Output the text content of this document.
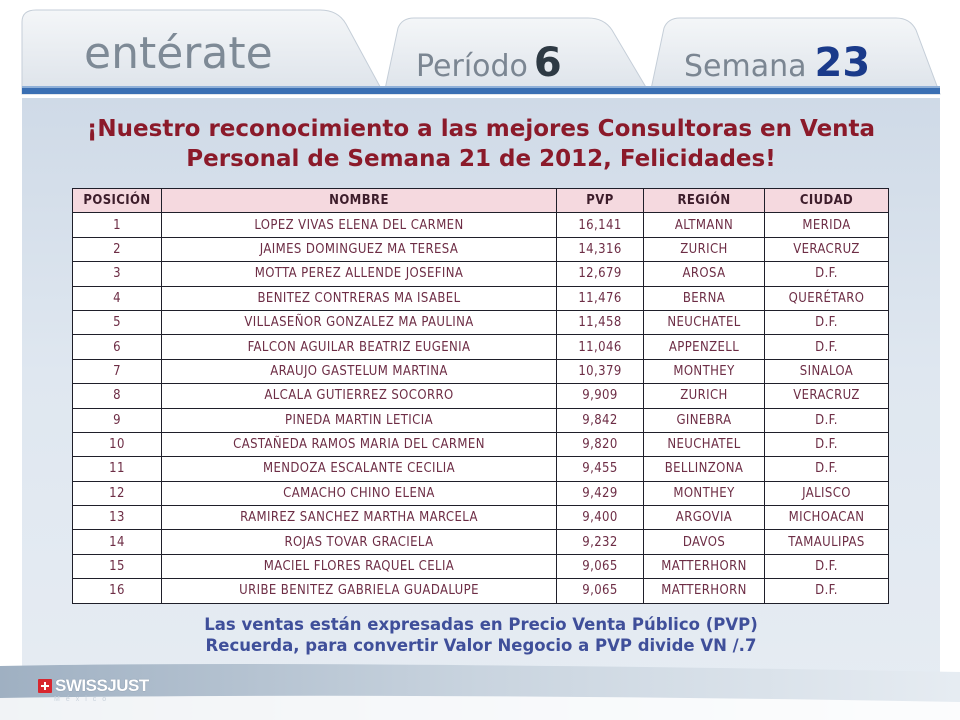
entérate	Período 6	Semana 23
¡Nuestro reconocimiento a las mejores Consultoras en Venta
Personal de Semana 21 de 2012, Felicidades!
POSICIÓN	NOMBRE	PVP	REGIÓN	CIUDAD
1	LOPEZ VIVAS ELENA DEL CARMEN	16,141	ALTMANN	MERIDA
2	JAIMES DOMINGUEZ MA TERESA	14,316	ZURICH	VERACRUZ
3	MOTTA PEREZ ALLENDE JOSEFINA	12,679	AROSA	D.F.
4	BENITEZ CONTRERAS MA ISABEL	11,476	BERNA	QUERÉTARO
5	VILLASEÑOR GONZALEZ MA PAULINA	11,458	NEUCHATEL	D.F.
6	FALCON AGUILAR BEATRIZ EUGENIA	11,046	APPENZELL	D.F.
7	ARAUJO GASTELUM MARTINA	10,379	MONTHEY	SINALOA
8	ALCALA GUTIERREZ SOCORRO	9,909	ZURICH	VERACRUZ
9	PINEDA MARTIN LETICIA	9,842	GINEBRA	D.F.
10	CASTAÑEDA RAMOS MARIA DEL CARMEN	9,820	NEUCHATEL	D.F.
11	MENDOZA ESCALANTE CECILIA	9,455	BELLINZONA	D.F.
12	CAMACHO CHINO ELENA	9,429	MONTHEY	JALISCO
13	RAMIREZ SANCHEZ MARTHA MARCELA	9,400	ARGOVIA	MICHOACAN
14	ROJAS TOVAR GRACIELA	9,232	DAVOS	TAMAULIPAS
15	MACIEL FLORES RAQUEL CELIA	9,065	MATTERHORN	D.F.
16	URIBE BENITEZ GABRIELA GUADALUPE	9,065	MATTERHORN	D.F.
Las ventas están expresadas en Precio Venta Público (PVP)
Recuerda, para convertir Valor Negocio a PVP divide VN /.7
SWISSJUST
México
